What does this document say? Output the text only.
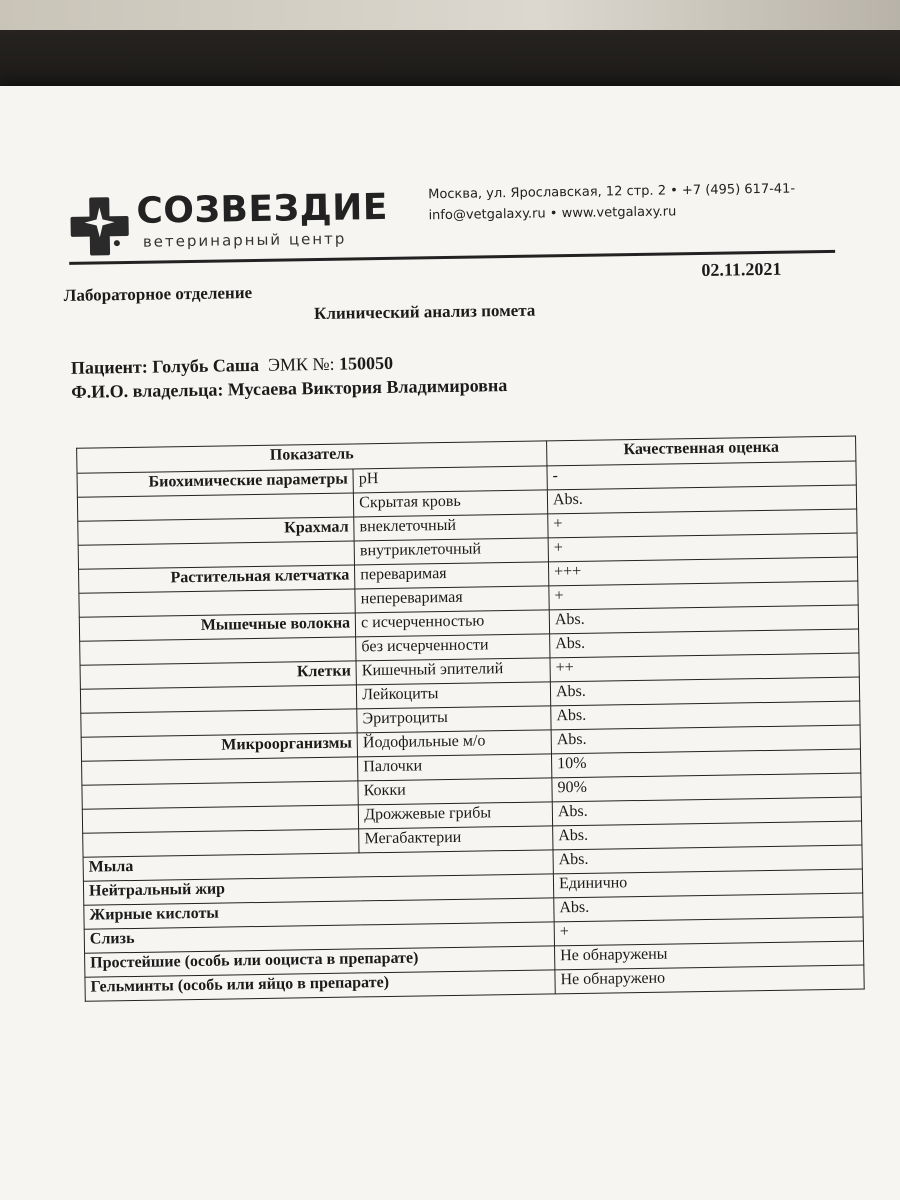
СОЗВЕЗДИЕ
ветеринарный центр
Москва, ул. Ярославская, 12 стр. 2 • +7 (495) 617-41-
info@vetgalaxy.ru • www.vetgalaxy.ru
Лабораторное отделение
02.11.2021
Клинический анализ помета
Пациент: Голубь Саша ЭМК №: 150050
Ф.И.О. владельца: Мусаева Виктория Владимировна
Показатель		Качественная оценка
Биохимические параметры	pH	-
	Скрытая кровь	Abs.
Крахмал	внеклеточный	+
	внутриклеточный	+
Растительная клетчатка	переваримая	+++
	непереваримая	+
Мышечные волокна	с исчерченностью	Abs.
	без исчерченности	Abs.
Клетки	Кишечный эпителий	++
	Лейкоциты	Abs.
	Эритроциты	Abs.
Микроорганизмы	Йодофильные м/о	Abs.
	Палочки	10%
	Кокки	90%
	Дрожжевые грибы	Abs.
	Мегабактерии	Abs.
Мыла		Abs.
Нейтральный жир		Единично
Жирные кислоты		Abs.
Слизь		+
Простейшие (особь или ооциста в препарате)		Не обнаружены
Гельминты (особь или яйцо в препарате)		Не обнаружено
